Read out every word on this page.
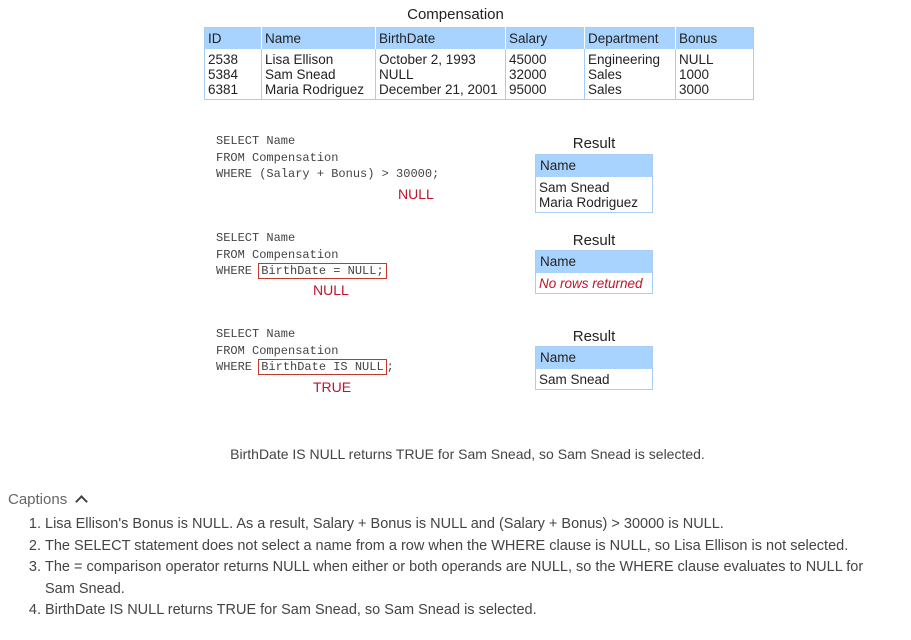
Compensation
ID	Name	BirthDate	Salary	Department	Bonus
2538	Lisa Ellison	October 2, 1993	45000	Engineering	NULL
5384	Sam Snead	NULL	32000	Sales	1000
6381	Maria Rodriguez	December 21, 2001	95000	Sales	3000
SELECT Name
FROM Compensation
WHERE (Salary + Bonus) > 30000;
NULL
Result
Name
Sam Snead
Maria Rodriguez
SELECT Name
FROM Compensation
WHERE BirthDate = NULL;
NULL
Result
Name
No rows returned
SELECT Name
FROM Compensation
WHERE BirthDate IS NULL ;
TRUE
Result
Name
Sam Snead
BirthDate IS NULL returns TRUE for Sam Snead, so Sam Snead is selected.
Captions
1. Lisa Ellison's Bonus is NULL. As a result, Salary + Bonus is NULL and (Salary + Bonus) > 30000 is NULL.
2. The SELECT statement does not select a name from a row when the WHERE clause is NULL, so Lisa Ellison is not selected.
3. The = comparison operator returns NULL when either or both operands are NULL, so the WHERE clause evaluates to NULL for Sam Snead.
4. BirthDate IS NULL returns TRUE for Sam Snead, so Sam Snead is selected.
